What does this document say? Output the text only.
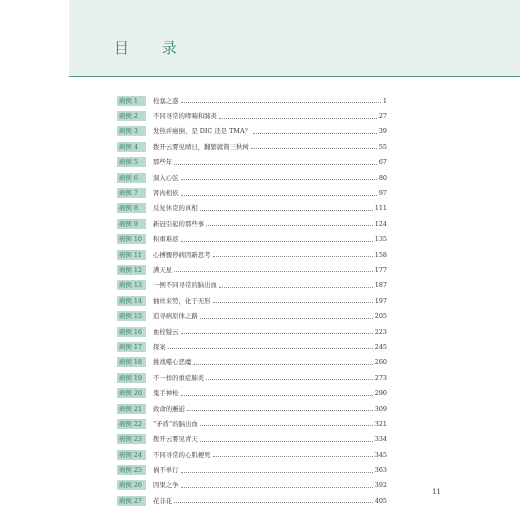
目 录
病例 1	栓塞之惑	1
病例 2	不同寻常的哮喘和肺炎	27
病例 3	发热并癌倒，是 DIC 还是 TMA？	39
病例 4	拨开云雾见晴日，翻繁就简三秋树	55
病例 5	那些年	67
病例 6	洞入心弦	80
病例 7	肾肉相依	97
病例 8	反复休克的真相	111
病例 9	新冠引起的那些事	124
病例 10	积重难返	135
病例 11	心搏骤停病因新思考	158
病例 12	满天星	177
病例 13	一例不同寻常的脑出血	187
病例 14	抽丝来势，化于无形	197
病例 15	追寻病原体之路	205
病例 16	血栓疑云	223
病例 17	探案	245
病例 18	挑战噬心恶魔	260
病例 19	不一样的重症肺炎	273
病例 20	鬼手神枪	290
病例 21	致命的邂逅	309
病例 22	“矛盾”的脑出血	321
病例 23	拨开云雾见青天	334
病例 24	不同寻常的心肌梗死	345
病例 25	祸不单行	363
病例 26	因果之争	392
病例 27	花非花	405
11
